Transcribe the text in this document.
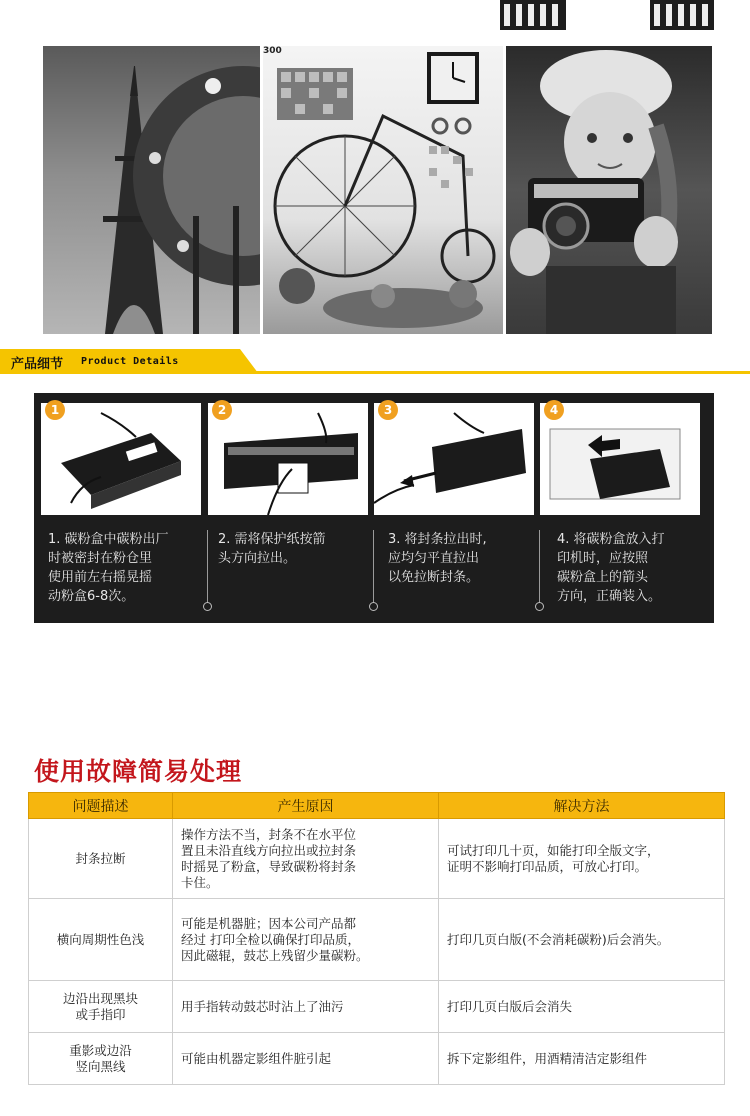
300
产品细节 Product Details
1	2	3	4
1. 碳粉盒中碳粉出厂
时被密封在粉仓里
使用前左右摇晃摇
动粉盒6-8次。
2. 需将保护纸按箭
头方向拉出。
3. 将封条拉出时,
应均匀平直拉出
以免拉断封条。
4. 将碳粉盒放入打
印机时，应按照
碳粉盒上的箭头
方向，正确装入。
使用故障简易处理
问题描述	产生原因	解决方法
封条拉断	操作方法不当，封条不在水平位
置且未沿直线方向拉出或拉封条
时摇晃了粉盒，导致碳粉将封条
卡住。	可试打印几十页，如能打印全版文字，
证明不影响打印品质，可放心打印。
横向周期性色浅	可能是机器脏；因本公司产品都
经过 打印全检以确保打印品质，
因此磁辊，鼓芯上残留少量碳粉。	打印几页白版(不会消耗碳粉)后会消失。
边沿出现黑块
或手指印	用手指转动鼓芯时沾上了油污	打印几页白版后会消失
重影或边沿
竖向黑线	可能由机器定影组件脏引起	拆下定影组件，用酒精清洁定影组件
